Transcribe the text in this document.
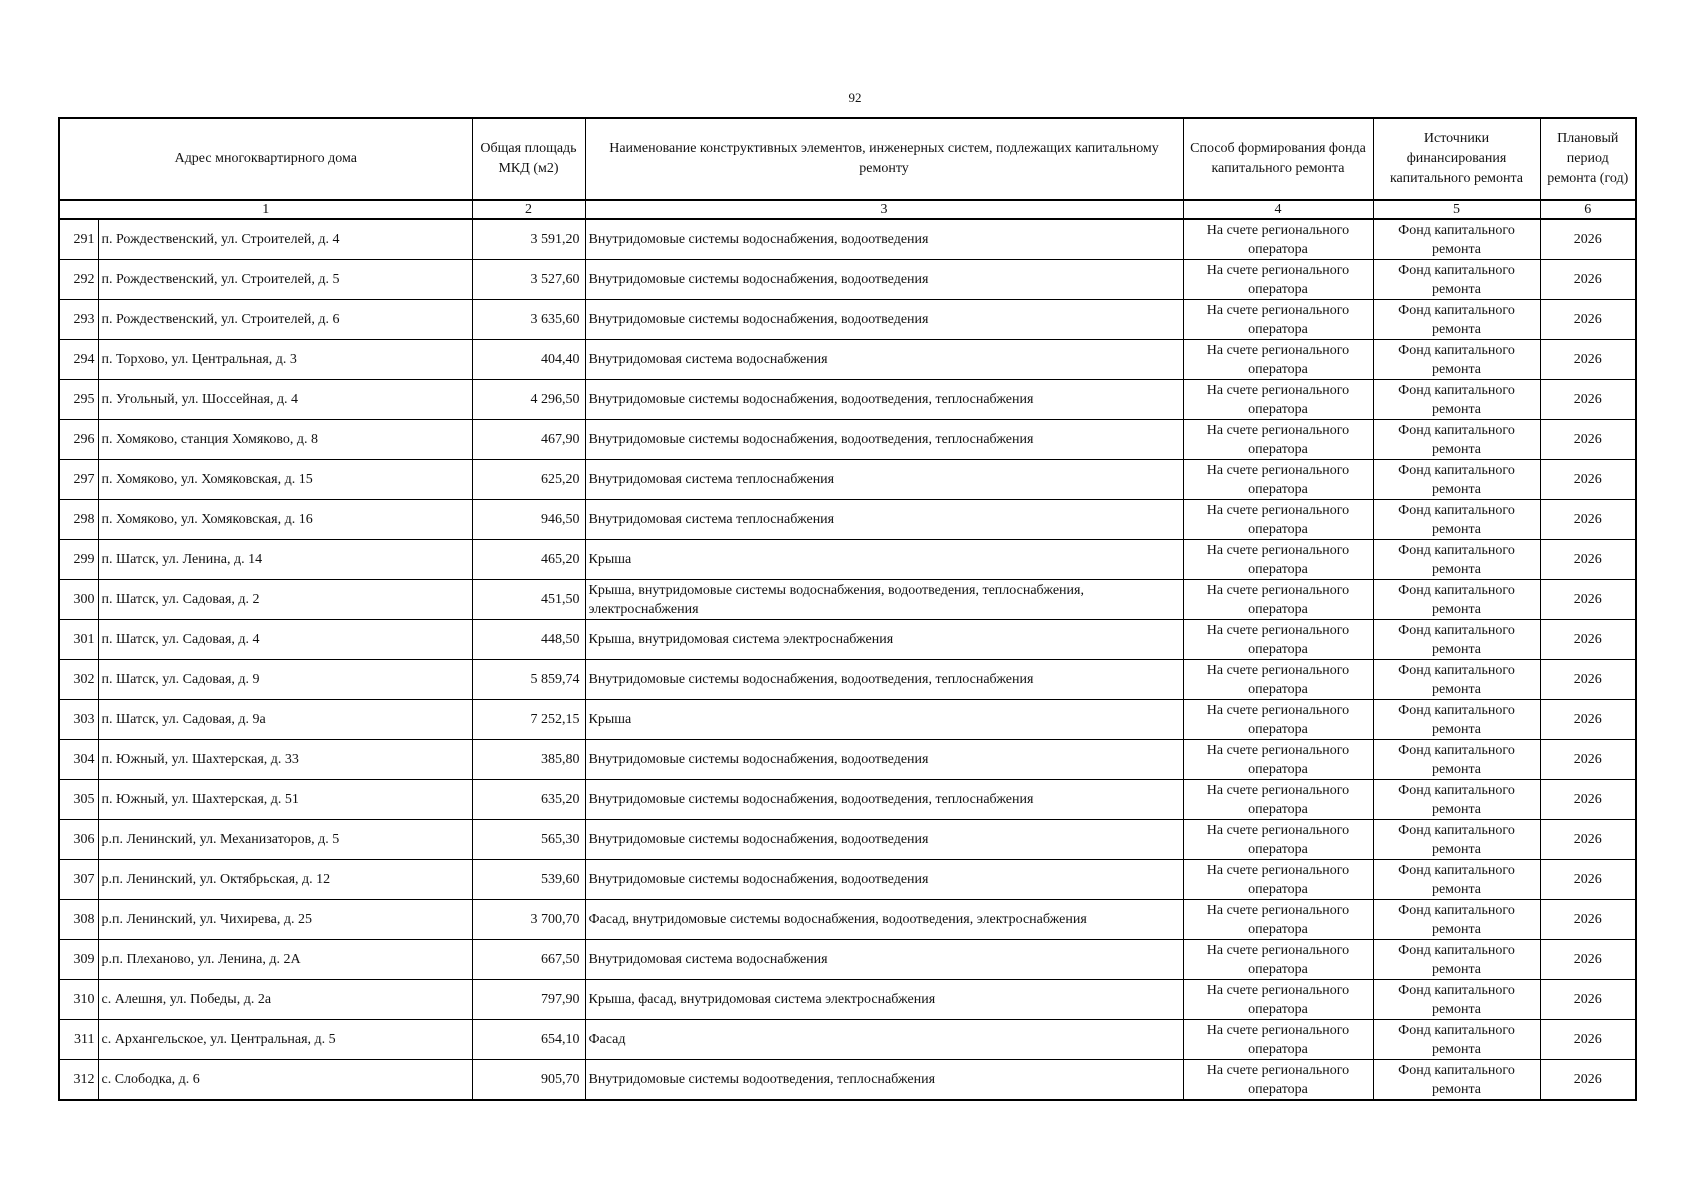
92
Адрес многоквартирного дома		Общая площадь МКД (м2)	Наименование конструктивных элементов, инженерных систем, подлежащих капитальному ремонту	Способ формирования фонда капитального ремонта	Источники финансирования капитального ремонта	Плановый период ремонта (год)
1		2	3	4	5	6
291	п. Рождественский, ул. Строителей, д. 4	3 591,20	Внутридомовые системы водоснабжения, водоотведения	На счете регионального оператора	Фонд капитального ремонта	2026
292	п. Рождественский, ул. Строителей, д. 5	3 527,60	Внутридомовые системы водоснабжения, водоотведения	На счете регионального оператора	Фонд капитального ремонта	2026
293	п. Рождественский, ул. Строителей, д. 6	3 635,60	Внутридомовые системы водоснабжения, водоотведения	На счете регионального оператора	Фонд капитального ремонта	2026
294	п. Торхово, ул. Центральная, д. 3	404,40	Внутридомовая система водоснабжения	На счете регионального оператора	Фонд капитального ремонта	2026
295	п. Угольный, ул. Шоссейная, д. 4	4 296,50	Внутридомовые системы водоснабжения, водоотведения, теплоснабжения	На счете регионального оператора	Фонд капитального ремонта	2026
296	п. Хомяково, станция Хомяково, д. 8	467,90	Внутридомовые системы водоснабжения, водоотведения, теплоснабжения	На счете регионального оператора	Фонд капитального ремонта	2026
297	п. Хомяково, ул. Хомяковская, д. 15	625,20	Внутридомовая система теплоснабжения	На счете регионального оператора	Фонд капитального ремонта	2026
298	п. Хомяково, ул. Хомяковская, д. 16	946,50	Внутридомовая система теплоснабжения	На счете регионального оператора	Фонд капитального ремонта	2026
299	п. Шатск, ул. Ленина, д. 14	465,20	Крыша	На счете регионального оператора	Фонд капитального ремонта	2026
300	п. Шатск, ул. Садовая, д. 2	451,50	Крыша, внутридомовые системы водоснабжения, водоотведения, теплоснабжения, электроснабжения	На счете регионального оператора	Фонд капитального ремонта	2026
301	п. Шатск, ул. Садовая, д. 4	448,50	Крыша, внутридомовая система электроснабжения	На счете регионального оператора	Фонд капитального ремонта	2026
302	п. Шатск, ул. Садовая, д. 9	5 859,74	Внутридомовые системы водоснабжения, водоотведения, теплоснабжения	На счете регионального оператора	Фонд капитального ремонта	2026
303	п. Шатск, ул. Садовая, д. 9а	7 252,15	Крыша	На счете регионального оператора	Фонд капитального ремонта	2026
304	п. Южный, ул. Шахтерская, д. 33	385,80	Внутридомовые системы водоснабжения, водоотведения	На счете регионального оператора	Фонд капитального ремонта	2026
305	п. Южный, ул. Шахтерская, д. 51	635,20	Внутридомовые системы водоснабжения, водоотведения, теплоснабжения	На счете регионального оператора	Фонд капитального ремонта	2026
306	р.п. Ленинский, ул. Механизаторов, д. 5	565,30	Внутридомовые системы водоснабжения, водоотведения	На счете регионального оператора	Фонд капитального ремонта	2026
307	р.п. Ленинский, ул. Октябрьская, д. 12	539,60	Внутридомовые системы водоснабжения, водоотведения	На счете регионального оператора	Фонд капитального ремонта	2026
308	р.п. Ленинский, ул. Чихирева, д. 25	3 700,70	Фасад, внутридомовые системы водоснабжения, водоотведения, электроснабжения	На счете регионального оператора	Фонд капитального ремонта	2026
309	р.п. Плеханово, ул. Ленина, д. 2А	667,50	Внутридомовая система водоснабжения	На счете регионального оператора	Фонд капитального ремонта	2026
310	с. Алешня, ул. Победы, д. 2а	797,90	Крыша, фасад, внутридомовая система электроснабжения	На счете регионального оператора	Фонд капитального ремонта	2026
311	с. Архангельское, ул. Центральная, д. 5	654,10	Фасад	На счете регионального оператора	Фонд капитального ремонта	2026
312	с. Слободка, д. 6	905,70	Внутридомовые системы водоотведения, теплоснабжения	На счете регионального оператора	Фонд капитального ремонта	2026
